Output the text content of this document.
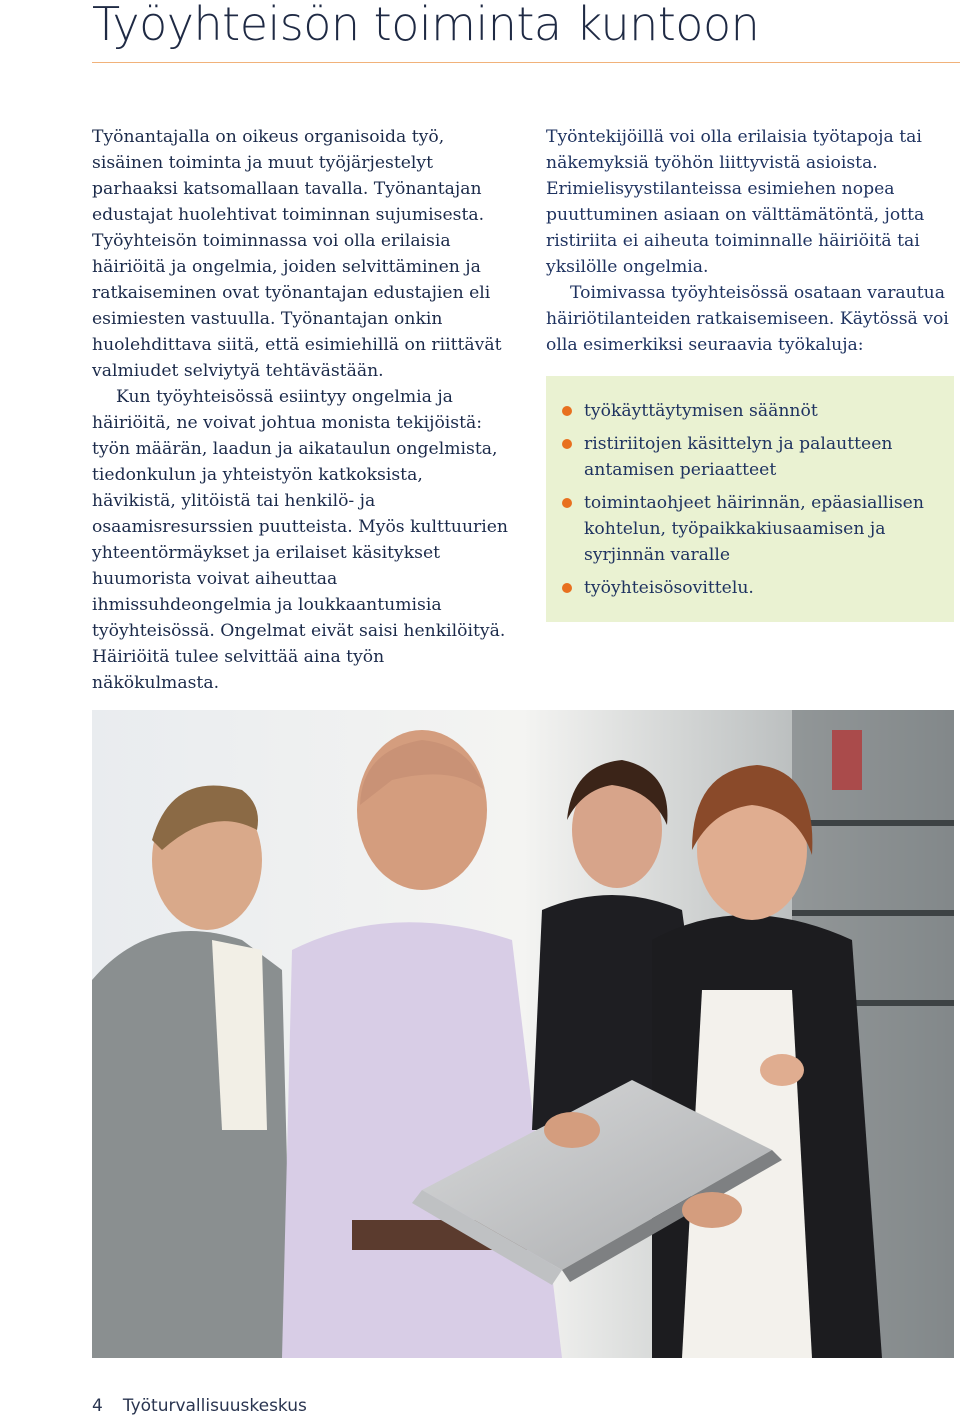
Työyhteisön toiminta kuntoon

Työnantajalla on oikeus organisoida työ, sisäinen toiminta ja muut työjärjestelyt parhaaksi katsomallaan tavalla. Työnantajan edustajat huolehtivat toiminnan sujumisesta. Työyhteisön toiminnassa voi olla erilaisia häiriöitä ja ongelmia, joiden selvittäminen ja ratkaiseminen ovat työnantajan edustajien eli esimiesten vastuulla. Työnantajan onkin huolehdittava siitä, että esimiehillä on riittävät valmiudet selviytyä tehtävästään.

Kun työyhteisössä esiintyy ongelmia ja häiriöitä, ne voivat johtua monista tekijöistä: työn määrän, laadun ja aikataulun ongelmista, tiedonkulun ja yhteistyön katkoksista, hävikistä, ylitöistä tai henkilö- ja osaamisresurssien puutteista. Myös kulttuurien yhteentörmäykset ja erilaiset käsitykset huumorista voivat aiheuttaa ihmissuhdeongelmia ja loukkaantumisia työyhteisössä. Ongelmat eivät saisi henkilöityä. Häiriöitä tulee selvittää aina työn näkökulmasta.

Työntekijöillä voi olla erilaisia työtapoja tai näkemyksiä työhön liittyvistä asioista. Erimielisyystilanteissa esimiehen nopea puuttuminen asiaan on välttämätöntä, jotta ristiriita ei aiheuta toiminnalle häiriöitä tai yksilölle ongelmia.

Toimivassa työyhteisössä osataan varautua häiriötilanteiden ratkaisemiseen. Käytössä voi olla esimerkiksi seuraavia työkaluja:

työkäyttäytymisen säännöt
ristiriitojen käsittelyn ja palautteen antamisen periaatteet
toimintaohjeet häirinnän, epäasiallisen kohtelun, työpaikkakiusaamisen ja syrjinnän varalle
työyhteisösovittelu.
4 Työturvallisuuskeskus
